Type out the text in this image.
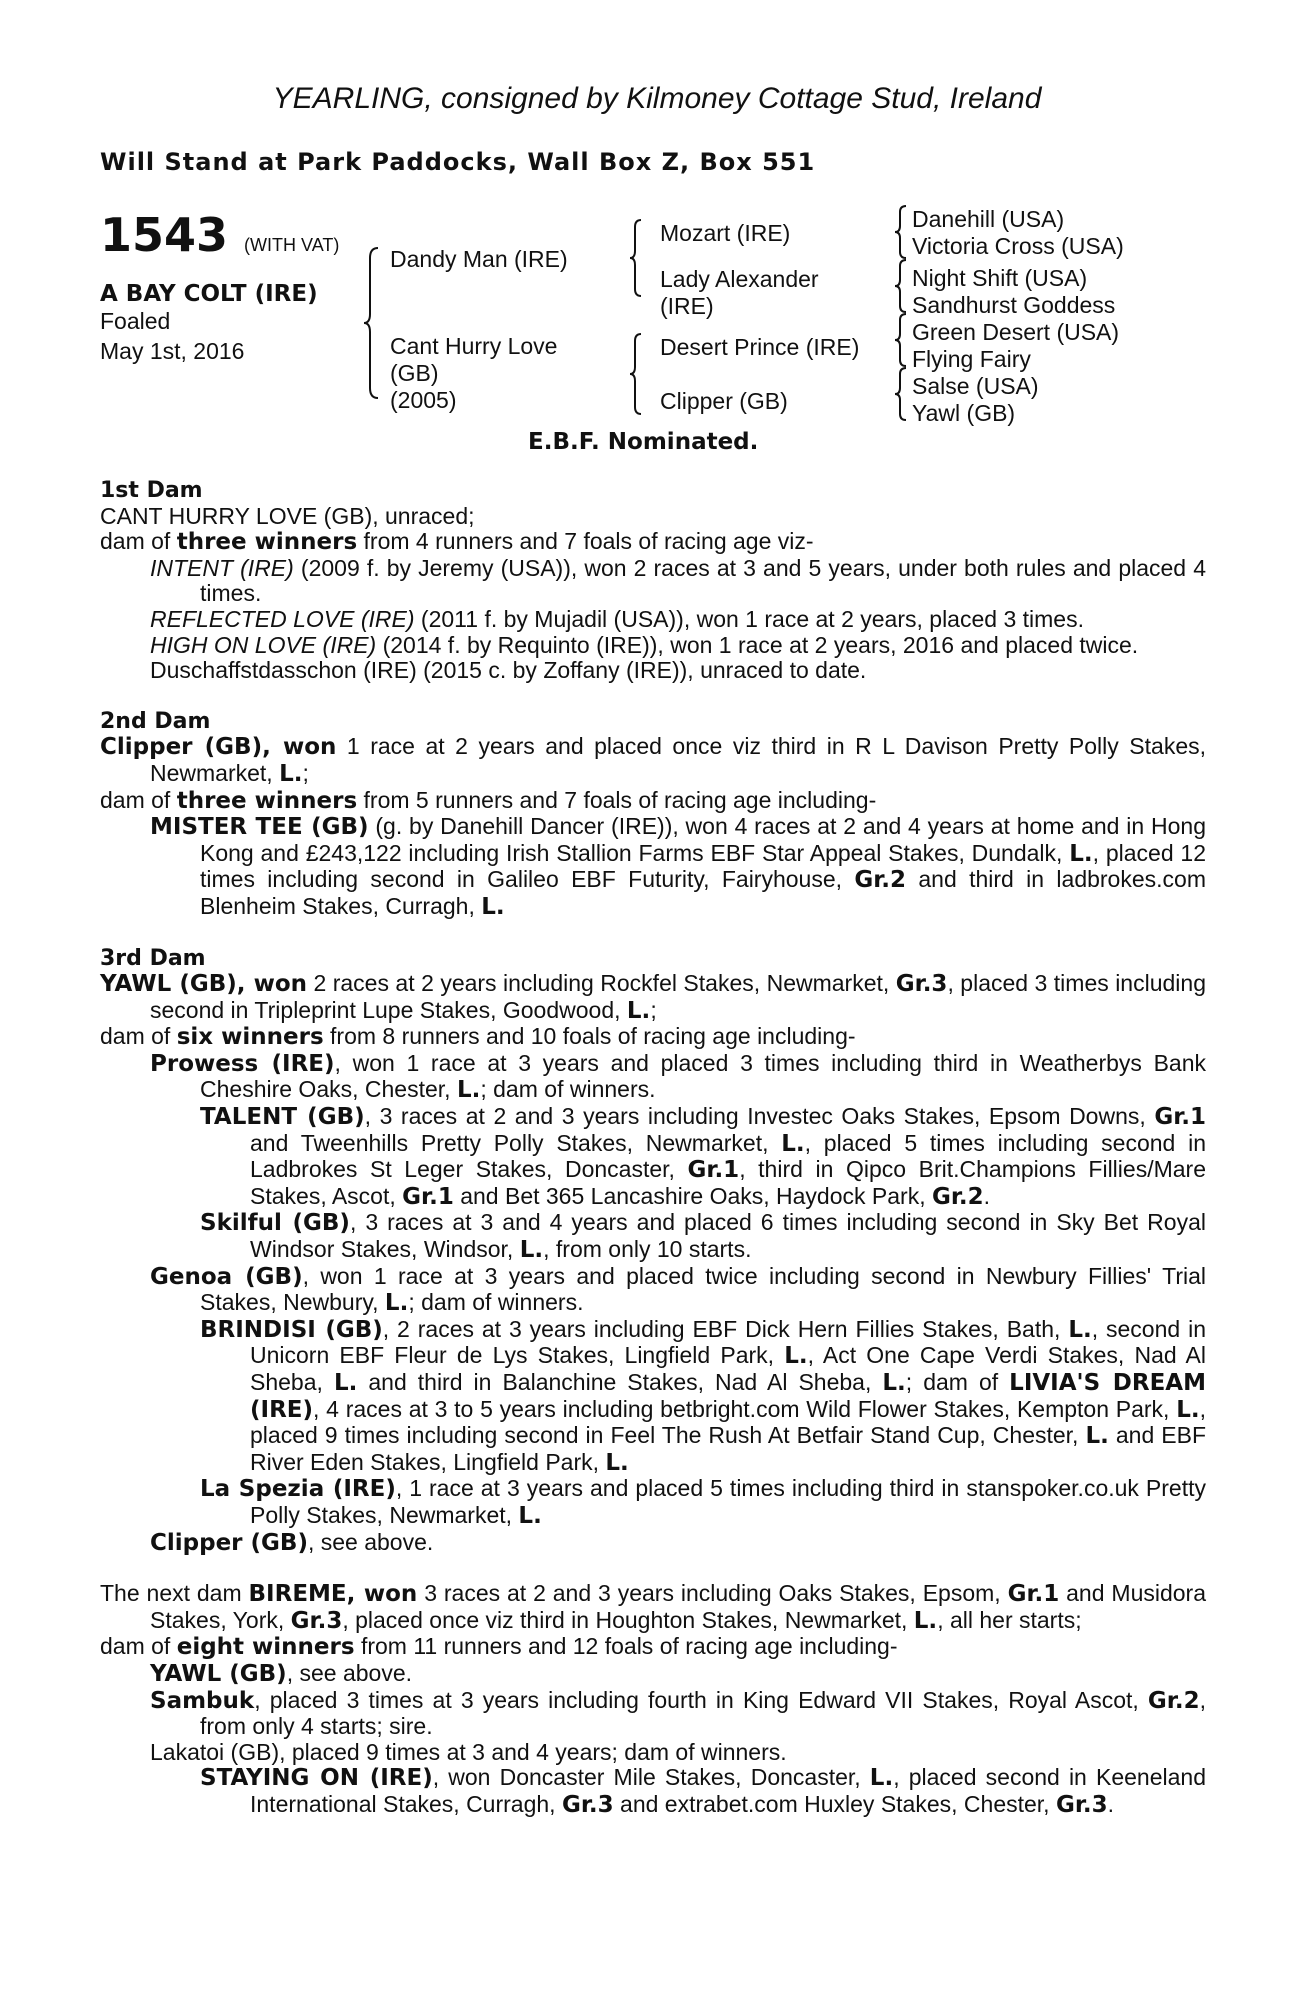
YEARLING, consigned by Kilmoney Cottage Stud, Ireland
Will Stand at Park Paddocks, Wall Box Z, Box 551
1543 (WITH VAT)
A BAY COLT (IRE)
Foaled
May 1st, 2016
Dandy Man (IRE)
Cant Hurry Love
(GB)
(2005)
Mozart (IRE)
Lady Alexander
(IRE)
Desert Prince (IRE)
Clipper (GB)
Danehill (USA)
Victoria Cross (USA)
Night Shift (USA)
Sandhurst Goddess
Green Desert (USA)
Flying Fairy
Salse (USA)
Yawl (GB)
E.B.F. Nominated.

1st Dam

CANT HURRY LOVE (GB), unraced;

dam of three winners from 4 runners and 7 foals of racing age viz-

INTENT (IRE) (2009 f. by Jeremy (USA)), won 2 races at 3 and 5 years, under both rules and placed 4 times.

REFLECTED LOVE (IRE) (2011 f. by Mujadil (USA)), won 1 race at 2 years, placed 3 times.

HIGH ON LOVE (IRE) (2014 f. by Requinto (IRE)), won 1 race at 2 years, 2016 and placed twice.

Duschaffstdasschon (IRE) (2015 c. by Zoffany (IRE)), unraced to date.

2nd Dam

Clipper (GB), won 1 race at 2 years and placed once viz third in R L Davison Pretty Polly Stakes, Newmarket, L.;

dam of three winners from 5 runners and 7 foals of racing age including-

MISTER TEE (GB) (g. by Danehill Dancer (IRE)), won 4 races at 2 and 4 years at home and in Hong Kong and £243,122 including Irish Stallion Farms EBF Star Appeal Stakes, Dundalk, L., placed 12 times including second in Galileo EBF Futurity, Fairyhouse, Gr.2 and third in ladbrokes.com Blenheim Stakes, Curragh, L.

3rd Dam

YAWL (GB), won 2 races at 2 years including Rockfel Stakes, Newmarket, Gr.3, placed 3 times including second in Tripleprint Lupe Stakes, Goodwood, L.;

dam of six winners from 8 runners and 10 foals of racing age including-

Prowess (IRE), won 1 race at 3 years and placed 3 times including third in Weatherbys Bank Cheshire Oaks, Chester, L.; dam of winners.

TALENT (GB), 3 races at 2 and 3 years including Investec Oaks Stakes, Epsom Downs, Gr.1 and Tweenhills Pretty Polly Stakes, Newmarket, L., placed 5 times including second in Ladbrokes St Leger Stakes, Doncaster, Gr.1, third in Qipco Brit.Champions Fillies/Mare Stakes, Ascot, Gr.1 and Bet 365 Lancashire Oaks, Haydock Park, Gr.2.

Skilful (GB), 3 races at 3 and 4 years and placed 6 times including second in Sky Bet Royal Windsor Stakes, Windsor, L., from only 10 starts.

Genoa (GB), won 1 race at 3 years and placed twice including second in Newbury Fillies' Trial Stakes, Newbury, L.; dam of winners.

BRINDISI (GB), 2 races at 3 years including EBF Dick Hern Fillies Stakes, Bath, L., second in Unicorn EBF Fleur de Lys Stakes, Lingfield Park, L., Act One Cape Verdi Stakes, Nad Al Sheba, L. and third in Balanchine Stakes, Nad Al Sheba, L.; dam of LIVIA'S DREAM (IRE), 4 races at 3 to 5 years including betbright.com Wild Flower Stakes, Kempton Park, L., placed 9 times including second in Feel The Rush At Betfair Stand Cup, Chester, L. and EBF River Eden Stakes, Lingfield Park, L.

La Spezia (IRE), 1 race at 3 years and placed 5 times including third in stanspoker.co.uk Pretty Polly Stakes, Newmarket, L.

Clipper (GB), see above.

The next dam BIREME, won 3 races at 2 and 3 years including Oaks Stakes, Epsom, Gr.1 and Musidora Stakes, York, Gr.3, placed once viz third in Houghton Stakes, Newmarket, L., all her starts;

dam of eight winners from 11 runners and 12 foals of racing age including-

YAWL (GB), see above.

Sambuk, placed 3 times at 3 years including fourth in King Edward VII Stakes, Royal Ascot, Gr.2, from only 4 starts; sire.

Lakatoi (GB), placed 9 times at 3 and 4 years; dam of winners.

STAYING ON (IRE), won Doncaster Mile Stakes, Doncaster, L., placed second in Keeneland International Stakes, Curragh, Gr.3 and extrabet.com Huxley Stakes, Chester, Gr.3.
